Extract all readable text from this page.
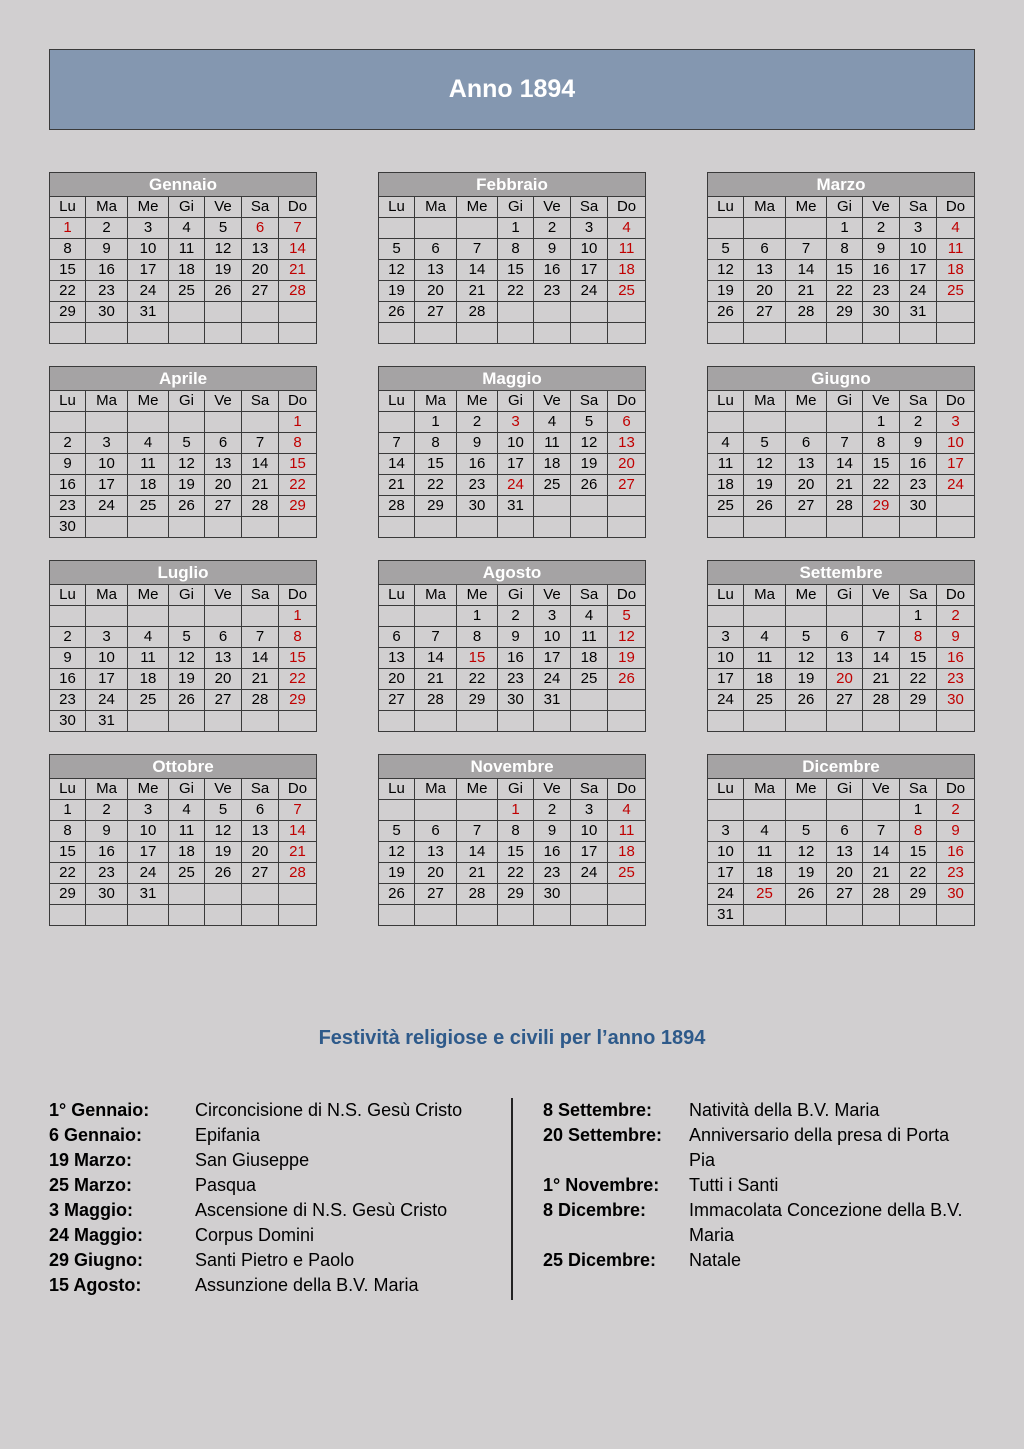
Anno 1894
Gennaio						
Lu	Ma	Me	Gi	Ve	Sa	Do
1	2	3	4	5	6	7
8	9	10	11	12	13	14
15	16	17	18	19	20	21
22	23	24	25	26	27	28
29	30	31				

Febbraio						
Lu	Ma	Me	Gi	Ve	Sa	Do
			1	2	3	4
5	6	7	8	9	10	11
12	13	14	15	16	17	18
19	20	21	22	23	24	25
26	27	28				

Marzo						
Lu	Ma	Me	Gi	Ve	Sa	Do
			1	2	3	4
5	6	7	8	9	10	11
12	13	14	15	16	17	18
19	20	21	22	23	24	25
26	27	28	29	30	31	

Aprile						
Lu	Ma	Me	Gi	Ve	Sa	Do
						1
2	3	4	5	6	7	8
9	10	11	12	13	14	15
16	17	18	19	20	21	22
23	24	25	26	27	28	29
30						
Maggio						
Lu	Ma	Me	Gi	Ve	Sa	Do
	1	2	3	4	5	6
7	8	9	10	11	12	13
14	15	16	17	18	19	20
21	22	23	24	25	26	27
28	29	30	31			

Giugno						
Lu	Ma	Me	Gi	Ve	Sa	Do
				1	2	3
4	5	6	7	8	9	10
11	12	13	14	15	16	17
18	19	20	21	22	23	24
25	26	27	28	29	30	

Luglio						
Lu	Ma	Me	Gi	Ve	Sa	Do
						1
2	3	4	5	6	7	8
9	10	11	12	13	14	15
16	17	18	19	20	21	22
23	24	25	26	27	28	29
30	31					
Agosto						
Lu	Ma	Me	Gi	Ve	Sa	Do
		1	2	3	4	5
6	7	8	9	10	11	12
13	14	15	16	17	18	19
20	21	22	23	24	25	26
27	28	29	30	31		

Settembre						
Lu	Ma	Me	Gi	Ve	Sa	Do
					1	2
3	4	5	6	7	8	9
10	11	12	13	14	15	16
17	18	19	20	21	22	23
24	25	26	27	28	29	30

Ottobre						
Lu	Ma	Me	Gi	Ve	Sa	Do
1	2	3	4	5	6	7
8	9	10	11	12	13	14
15	16	17	18	19	20	21
22	23	24	25	26	27	28
29	30	31				

Novembre						
Lu	Ma	Me	Gi	Ve	Sa	Do
			1	2	3	4
5	6	7	8	9	10	11
12	13	14	15	16	17	18
19	20	21	22	23	24	25
26	27	28	29	30		

Dicembre						
Lu	Ma	Me	Gi	Ve	Sa	Do
					1	2
3	4	5	6	7	8	9
10	11	12	13	14	15	16
17	18	19	20	21	22	23
24	25	26	27	28	29	30
31						
Festività religiose e civili per l’anno 1894
1° Gennaio:	Circoncisione di N.S. Gesù Cristo
6 Gennaio:	Epifania
19 Marzo:	San Giuseppe
25 Marzo:	Pasqua
3 Maggio:	Ascensione di N.S. Gesù Cristo
24 Maggio:	Corpus Domini
29 Giugno:	Santi Pietro e Paolo
15 Agosto:	Assunzione della B.V. Maria
8 Settembre:	Natività della B.V. Maria
20 Settembre:	Anniversario della presa di Porta Pia
1° Novembre:	Tutti i Santi
8 Dicembre:	Immacolata Concezione della B.V. Maria
25 Dicembre:	Natale
